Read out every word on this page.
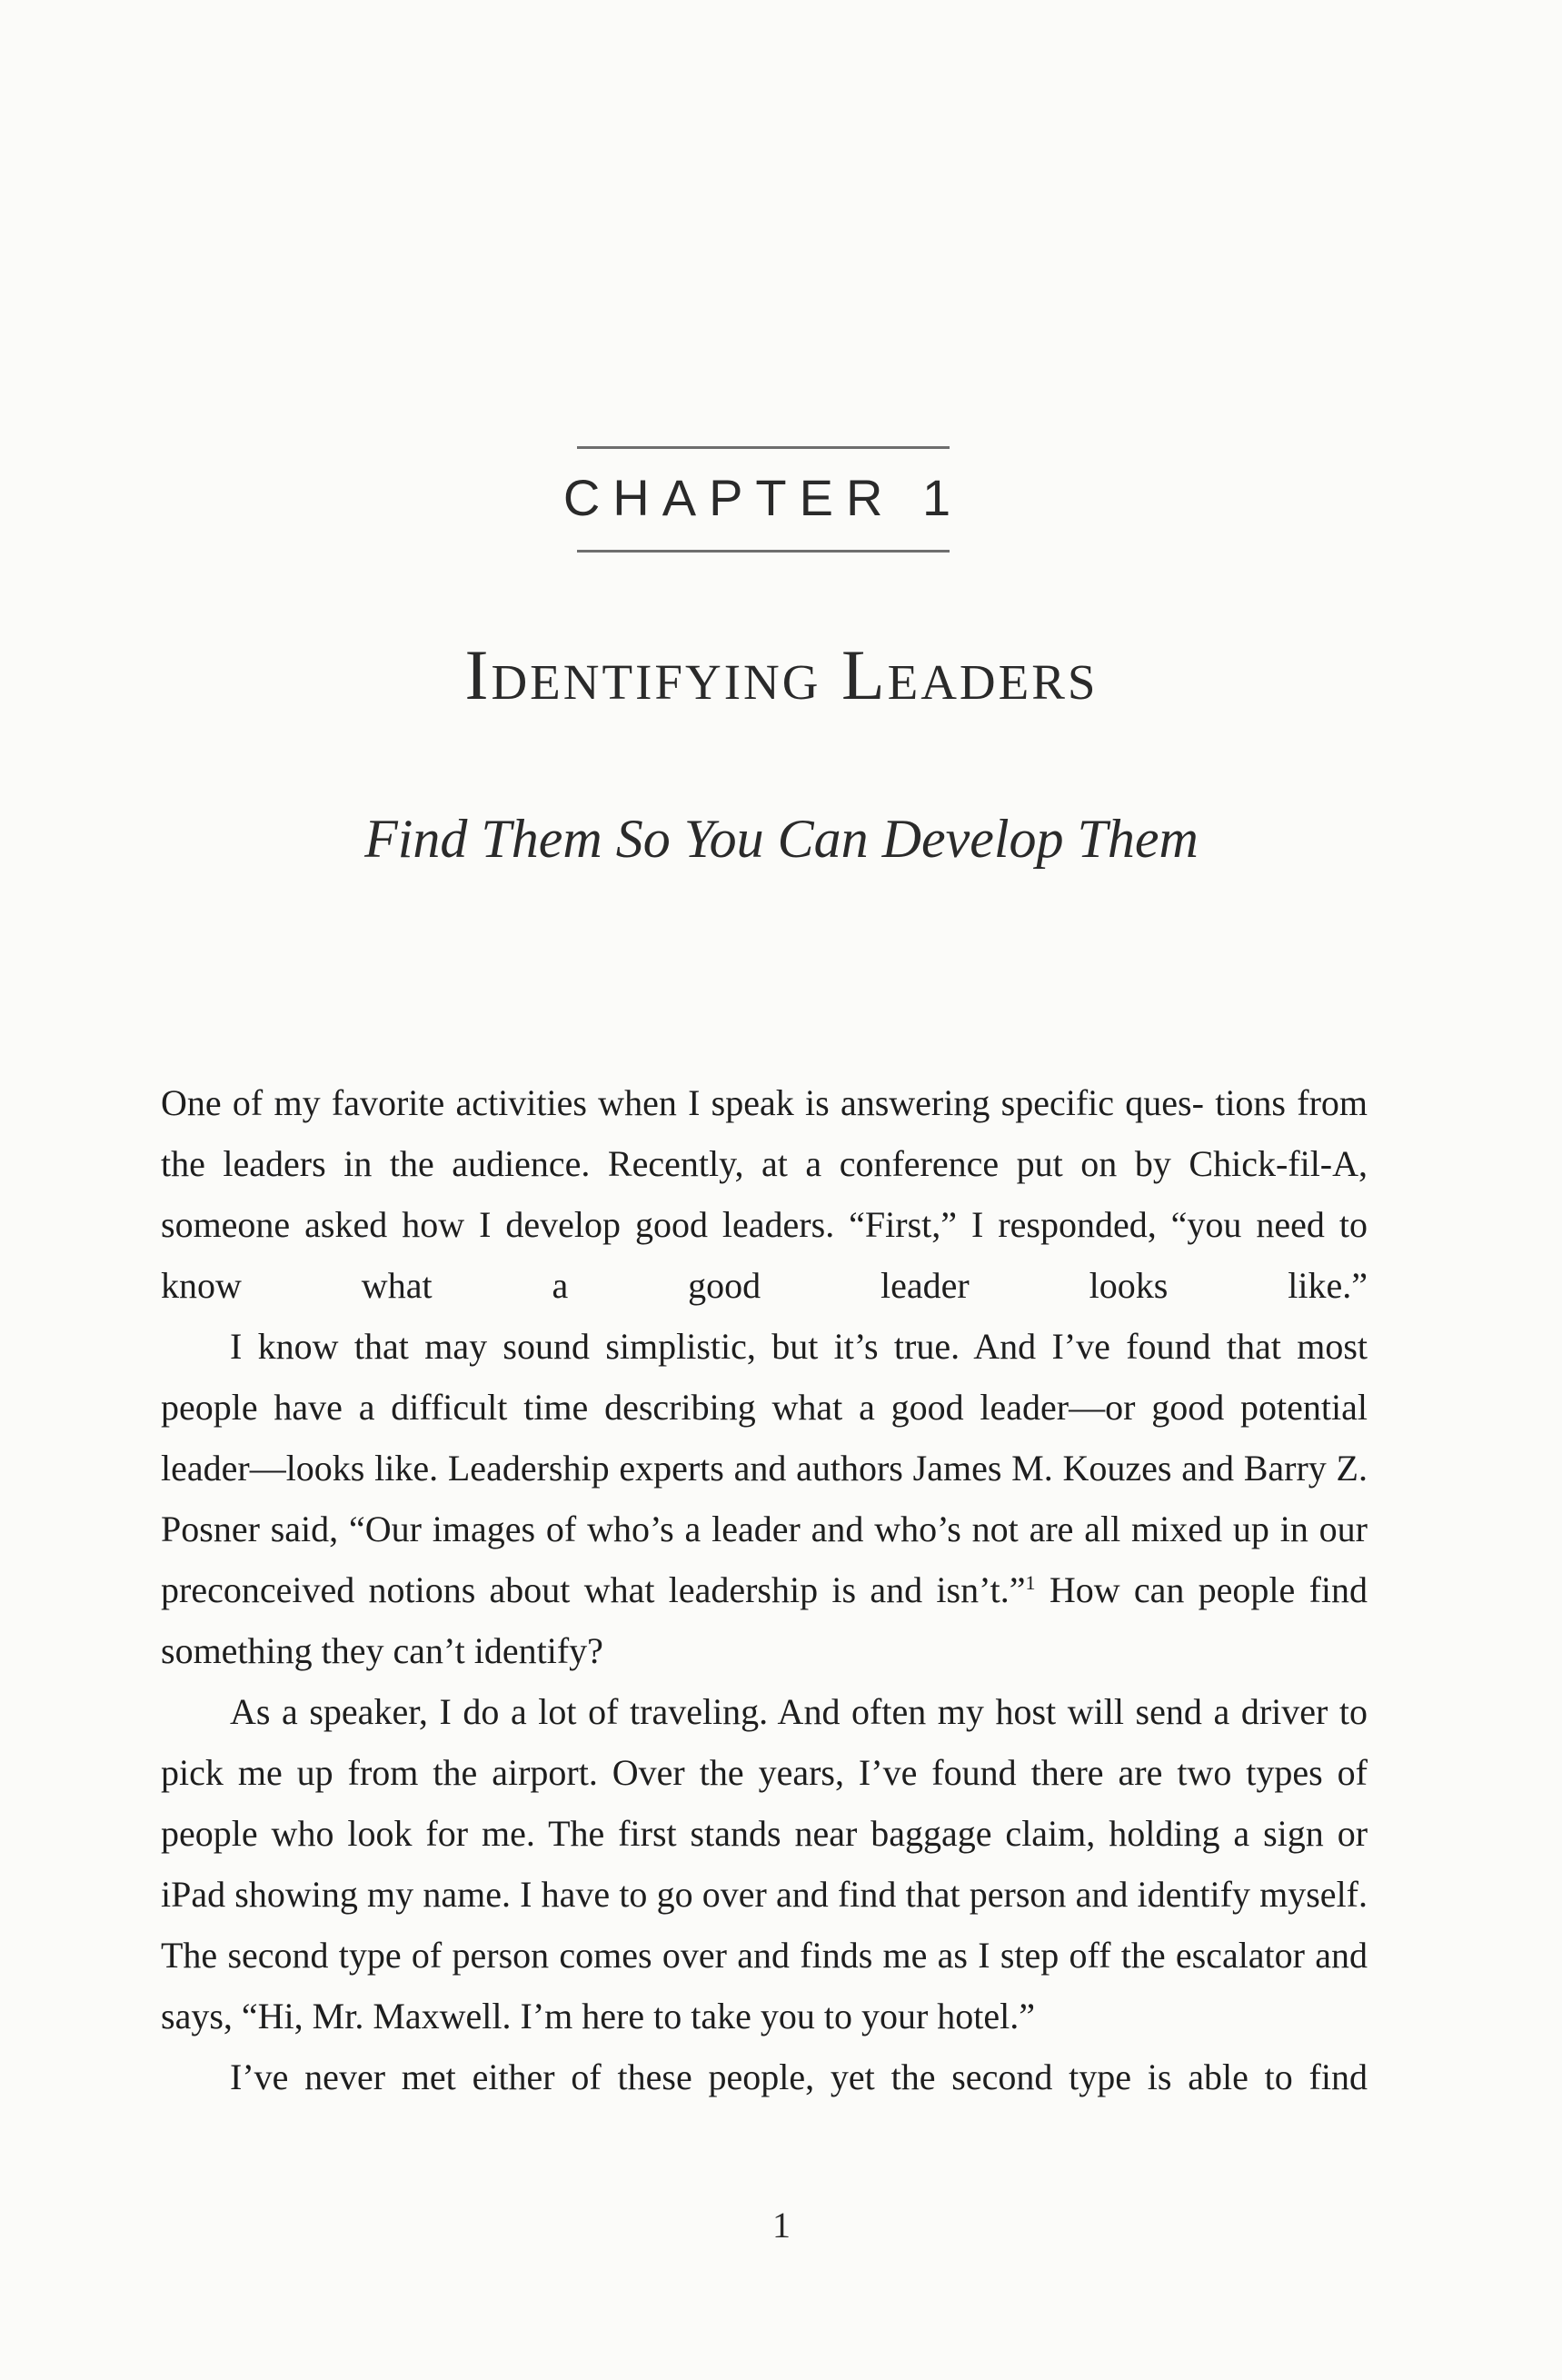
CHAPTER 1
Identifying Leaders
Find Them So You Can Develop Them

One of my favorite activities when I speak is answering specific ques- tions from the leaders in the audience. Recently, at a conference put on by Chick-fil-A, someone asked how I develop good leaders. “First,” I responded, “you need to know what a good leader looks like.”

I know that may sound simplistic, but it’s true. And I’ve found that most people have a difficult time describing what a good leader—or good potential leader—looks like. Leadership experts and authors James M. Kouzes and Barry Z. Posner said, “Our images of who’s a leader and who’s not are all mixed up in our preconceived notions about what leadership is and isn’t.”$^1$ How can people find something they can’t identify?

As a speaker, I do a lot of traveling. And often my host will send a driver to pick me up from the airport. Over the years, I’ve found there are two types of people who look for me. The first stands near baggage claim, holding a sign or iPad showing my name. I have to go over and find that person and identify myself. The second type of person comes over and finds me as I step off the escalator and says, “Hi, Mr. Maxwell. I’m here to take you to your hotel.”

I’ve never met either of these people, yet the second type is able to find

1
